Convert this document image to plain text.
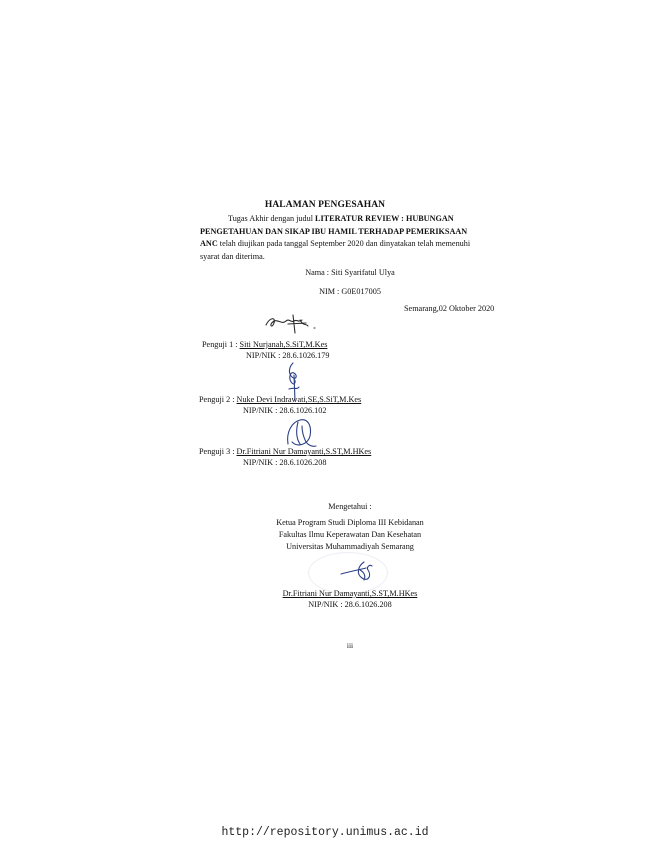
HALAMAN PENGESAHAN
Tugas Akhir dengan judul LITERATUR REVIEW : HUBUNGAN
PENGETAHUAN DAN SIKAP IBU HAMIL TERHADAP PEMERIKSAAN
ANC telah diujikan pada tanggal September 2020 dan dinyatakan telah memenuhi
syarat dan diterima.
Nama : Siti Syarifatul Ulya
NIM : G0E017005
Semarang,02 Oktober 2020
Penguji 1 : Siti Nurjanah,S.SiT,M.Kes
NIP/NIK : 28.6.1026.179
Penguji 2 : Nuke Devi Indrawati,SE,S.SiT,M.Kes
NIP/NIK : 28.6.1026.102
Penguji 3 : Dr.Fitriani Nur Damayanti,S.ST,M.HKes
NIP/NIK : 28.6.1026.208
Mengetahui :
Ketua Program Studi Diploma III Kebidanan
Fakultas Ilmu Keperawatan Dan Kesehatan
Universitas Muhammadiyah Semarang
Dr.Fitriani Nur Damayanti,S.ST,M.HKes
NIP/NIK : 28.6.1026.208
iii
http://repository.unimus.ac.id
